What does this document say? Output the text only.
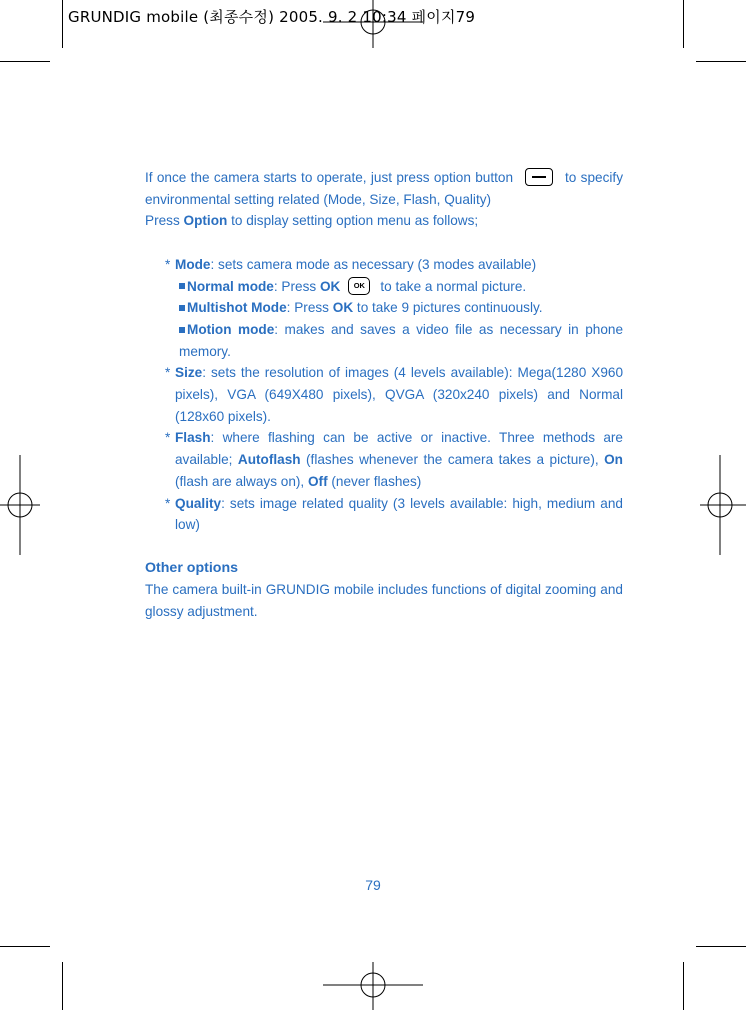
GRUNDIG mobile (최종수정) 2005. 9. 2 10:34 페이지79

If once the camera starts to operate, just press option button	to specify environmental setting related (Mode, Size, Flash, Quality)

Press Option to display setting option menu as follows;

* Mode: sets camera mode as necessary (3 modes available)
Normal mode: Press OK OK to take a normal picture.
Multishot Mode: Press OK to take 9 pictures continuously.
Motion mode: makes and saves a video file as necessary in phone memory.
* Size: sets the resolution of images (4 levels available): Mega(1280 X960 pixels), VGA (649X480 pixels), QVGA (320x240 pixels) and Normal (128x60 pixels).
* Flash: where flashing can be active or inactive. Three methods are available; Autoflash (flashes whenever the camera takes a picture), On (flash are always on), Off (never flashes)
* Quality: sets image related quality (3 levels available: high, medium and low)
Other options

The camera built-in GRUNDIG mobile includes functions of digital zooming and glossy adjustment.

79
